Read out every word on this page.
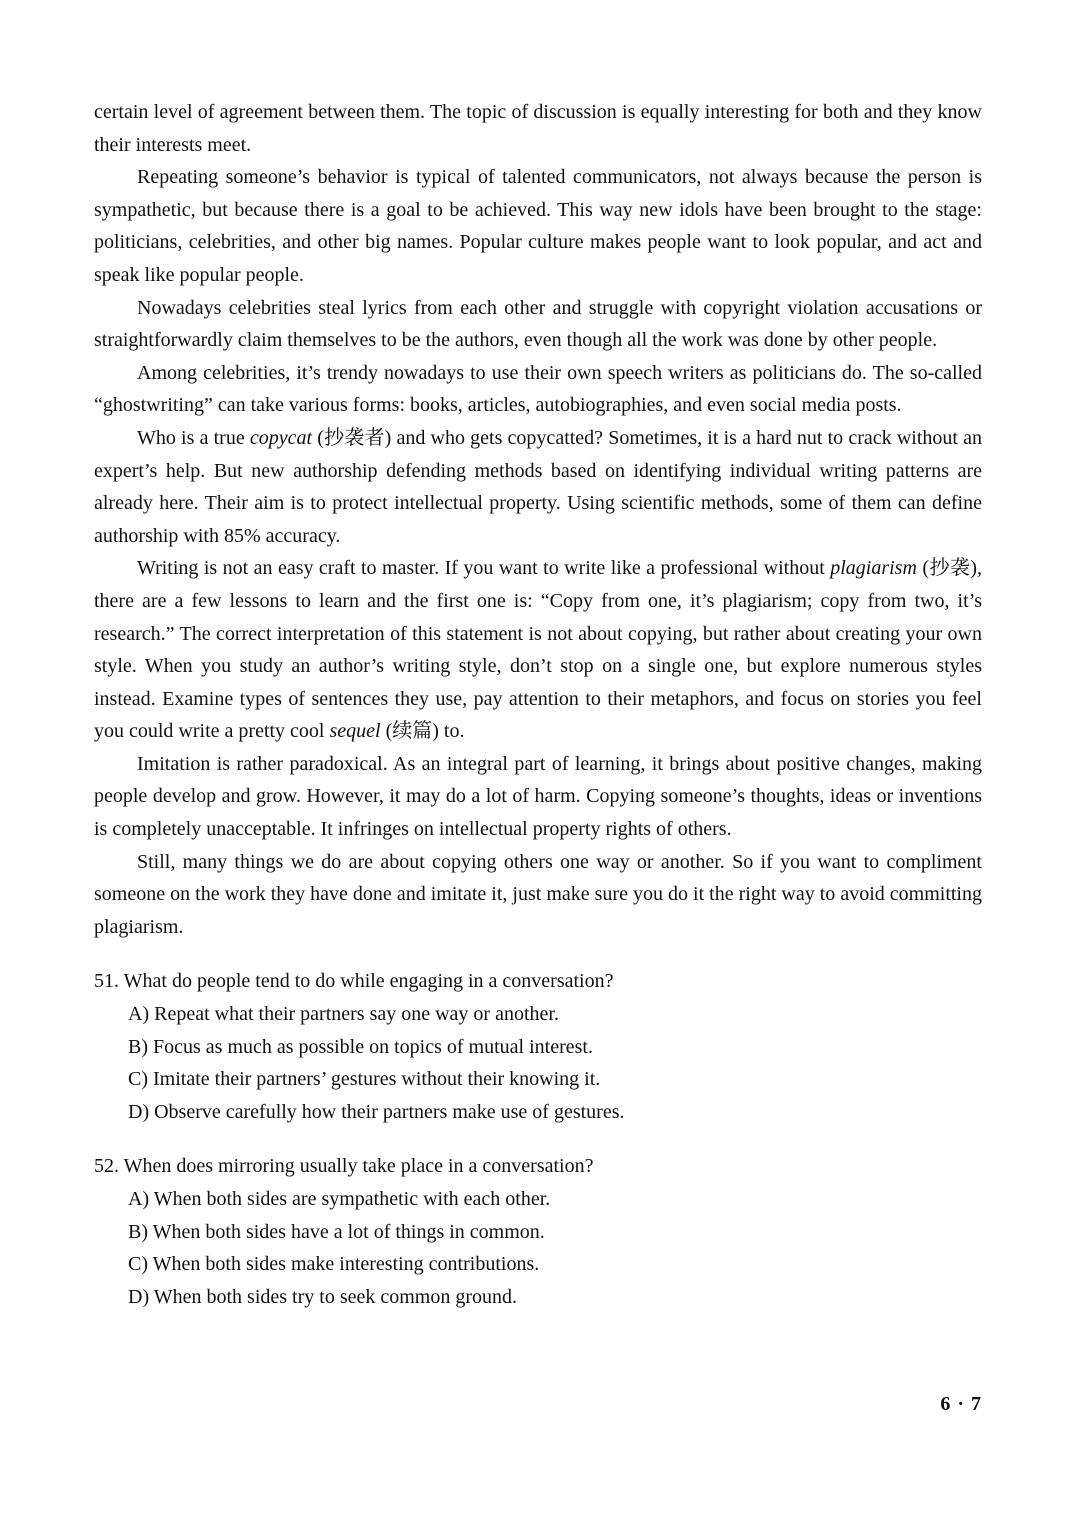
certain level of agreement between them. The topic of discussion is equally interesting for both and they know their interests meet.

Repeating someone’s behavior is typical of talented communicators, not always because the person is sympathetic, but because there is a goal to be achieved. This way new idols have been brought to the stage: politicians, celebrities, and other big names. Popular culture makes people want to look popular, and act and speak like popular people.

Nowadays celebrities steal lyrics from each other and struggle with copyright violation accusations or straightforwardly claim themselves to be the authors, even though all the work was done by other people.

Among celebrities, it’s trendy nowadays to use their own speech writers as politicians do. The so-called “ghostwriting” can take various forms: books, articles, autobiographies, and even social media posts.

Who is a true copycat (抄袭者) and who gets copycatted? Sometimes, it is a hard nut to crack without an expert’s help. But new authorship defending methods based on identifying individual writing patterns are already here. Their aim is to protect intellectual property. Using scientific methods, some of them can define authorship with 85% accuracy.

Writing is not an easy craft to master. If you want to write like a professional without plagiarism (抄袭), there are a few lessons to learn and the first one is: “Copy from one, it’s plagiarism; copy from two, it’s research.” The correct interpretation of this statement is not about copying, but rather about creating your own style. When you study an author’s writing style, don’t stop on a single one, but explore numerous styles instead. Examine types of sentences they use, pay attention to their metaphors, and focus on stories you feel you could write a pretty cool sequel (续篇) to.

Imitation is rather paradoxical. As an integral part of learning, it brings about positive changes, making people develop and grow. However, it may do a lot of harm. Copying someone’s thoughts, ideas or inventions is completely unacceptable. It infringes on intellectual property rights of others.

Still, many things we do are about copying others one way or another. So if you want to compliment someone on the work they have done and imitate it, just make sure you do it the right way to avoid committing plagiarism.

51. What do people tend to do while engaging in a conversation?

A) Repeat what their partners say one way or another.

B) Focus as much as possible on topics of mutual interest.

C) Imitate their partners’ gestures without their knowing it.

D) Observe carefully how their partners make use of gestures.

52. When does mirroring usually take place in a conversation?

A) When both sides are sympathetic with each other.

B) When both sides have a lot of things in common.

C) When both sides make interesting contributions.

D) When both sides try to seek common ground.

6 · 7
